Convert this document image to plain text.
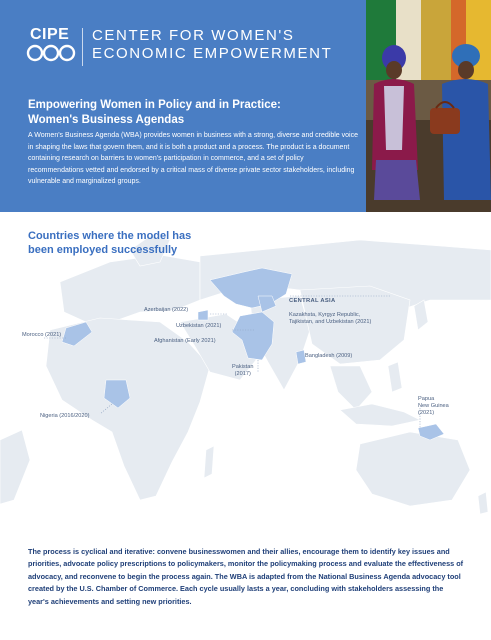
CIPE CENTER FOR WOMEN'S
ECONOMIC EMPOWERMENT
Empowering Women in Policy and in Practice:
Women's Business Agendas
A Women's Business Agenda (WBA) provides women in business with a strong, diverse and credible voice in shaping the laws that govern them, and it is both a product and a process. The product is a document containing research on barriers to women's participation in commerce, and a set of policy recommendations vetted and endorsed by a critical mass of diverse private sector stakeholders, including vulnerable and marginalized groups.
Countries where the model has
been employed successfully
Azerbaijan (2022)
Uzbekistan (2021)
Afghanistan (Early 2021)
Morocco (2021)
Nigeria (2016/2020)
Pakistan
(2017)
Bangladesh (2009)
CENTRAL ASIA
Kazakhsta, Kyrgyz Republic,
Tajikistan, and Uzbekistan (2021)
Papua
New Guinea
(2021)
The process is cyclical and iterative: convene businesswomen and their allies, encourage them to identify key issues and priorities, advocate policy prescriptions to policymakers, monitor the policymaking process and evaluate the effectiveness of advocacy, and reconvene to begin the process again. The WBA is adapted from the National Business Agenda advocacy tool created by the U.S. Chamber of Commerce. Each cycle usually lasts a year, concluding with stakeholders assessing the year's achievements and setting new priorities.
